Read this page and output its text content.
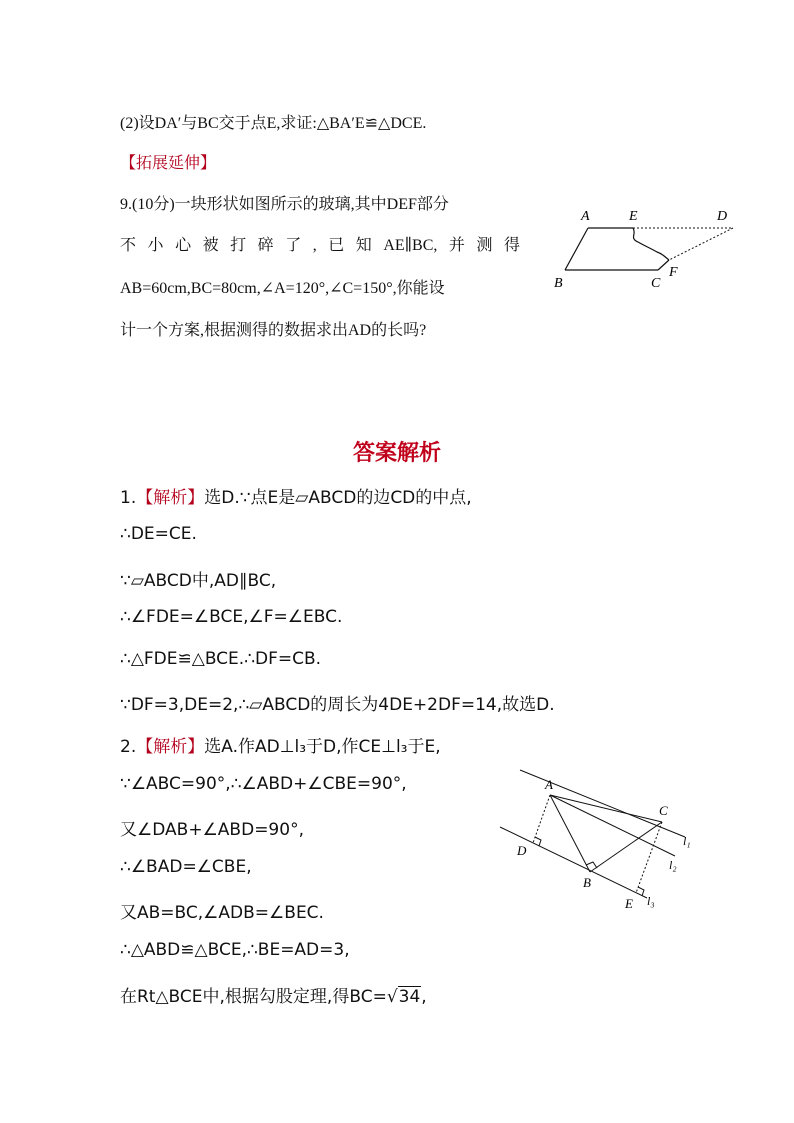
(2)设DA′与BC交于点E,求证:△BA′E≌△DCE.
【拓展延伸】
9.(10分)一块形状如图所示的玻璃,其中DEF部分
不小心被打碎了,已知AE∥BC,并测得
AB=60cm,BC=80cm,∠A=120°,∠C=150°,你能设
计一个方案,根据测得的数据求出AD的长吗?
A	E	D
B	C
F
答案解析
1.【解析】选D.∵点E是▱ABCD的边CD的中点,
∴DE=CE.
∵▱ABCD中,AD∥BC,
∴∠FDE=∠BCE,∠F=∠EBC.
∴△FDE≌△BCE.∴DF=CB.
∵DF=3,DE=2,∴▱ABCD的周长为4DE+2DF=14,故选D.
2.【解析】选A.作AD⊥l₃于D,作CE⊥l₃于E,
∵∠ABC=90°,∴∠ABD+∠CBE=90°,
又∠DAB+∠ABD=90°,
∴∠BAD=∠CBE,
又AB=BC,∠ADB=∠BEC.
∴△ABD≌△BCE,∴BE=AD=3,
在Rt△BCE中,根据勾股定理,得BC=√34,
A
C
D
B
E
l₁
l₂
l₃
